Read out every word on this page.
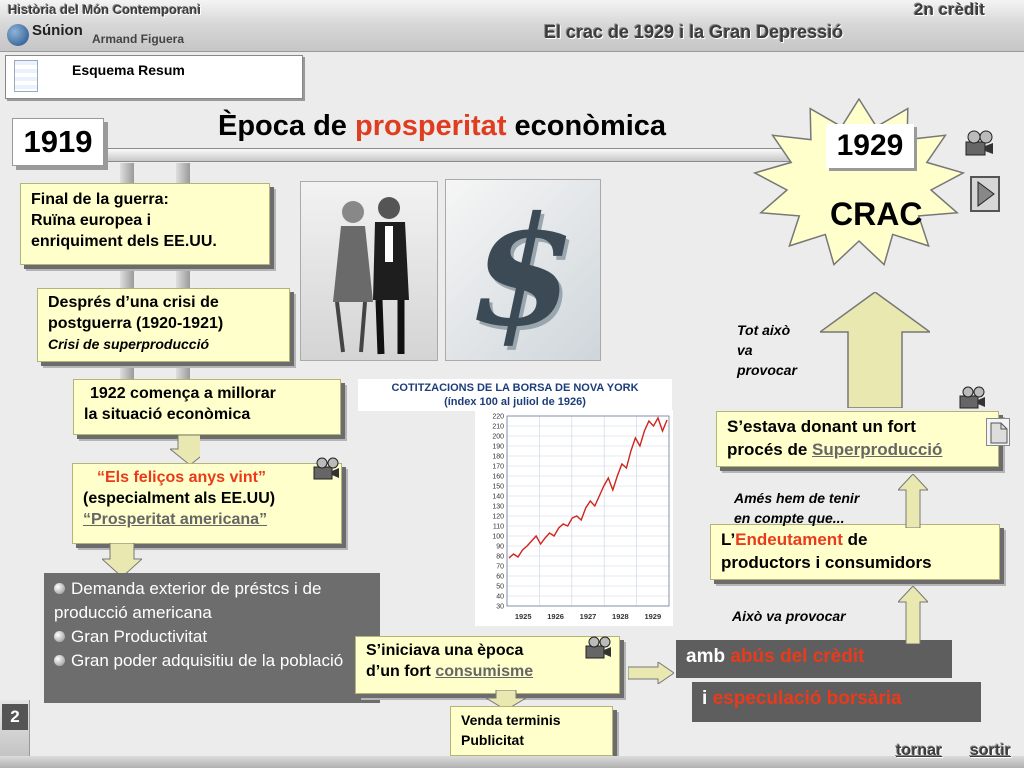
Història del Món Contemporani	2n crèdit
Súnion Armand Figuera	El crac de 1929 i la Gran Depressió
Esquema Resum
1919	Època de prosperitat econòmica
1929
CRAC
$
COTITZACIONS DE LA BORSA DE NOVA YORK
(índex 100 al juliol de 1926)
30
40
50
60
70
80
90
100
110
120
130
140
150
160
170
180
190
200
210
220
1925 1926 1927 1928 1929
Final de la guerra:
Ruïna europea i
enriquiment dels EE.UU.
Després d’una crisi de
postguerra (1920-1921)
Crisi de superproducció
1922 comença a millorar
la situació econòmica
“Els feliços anys vint”
(especialment als EE.UU)
“Prosperitat americana”
Demanda exterior de préstcs i de producció americana
Gran Productivitat
Gran poder adquisitiu de la població
S’iniciava una època
d’un fort consumisme
Venda terminis
Publicitat
amb abús del crèdit
i especulació borsària
Això va provocar
L’Endeutament de
productors i consumidors
Amés hem de tenir
en compte que...
S’estava donant un fort
procés de Superproducció
Tot això
va
provocar
2
tornar sortir
